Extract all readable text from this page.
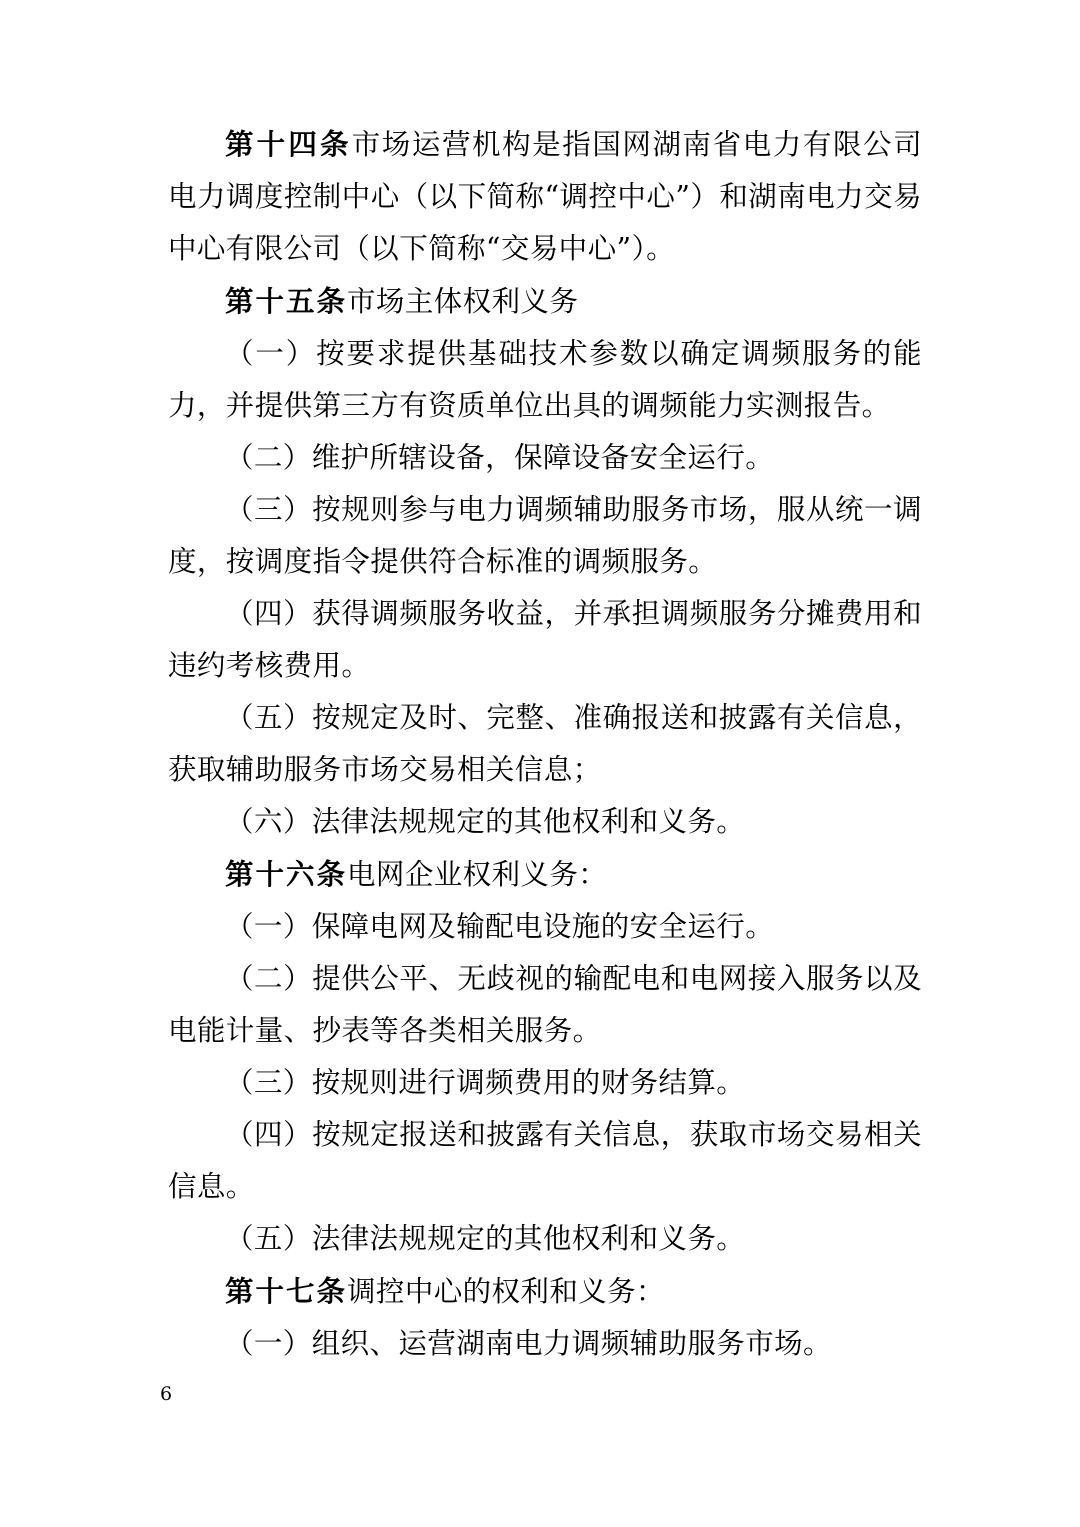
第十四条市场运营机构是指国网湖南省电力有限公司电力调度控制中心（以下简称“调控中心”）和湖南电力交易中心有限公司（以下简称“交易中心”）。

第十五条市场主体权利义务

（一）按要求提供基础技术参数以确定调频服务的能力，并提供第三方有资质单位出具的调频能力实测报告。

（二）维护所辖设备，保障设备安全运行。

（三）按规则参与电力调频辅助服务市场，服从统一调度，按调度指令提供符合标准的调频服务。

（四）获得调频服务收益，并承担调频服务分摊费用和违约考核费用。

（五）按规定及时、完整、准确报送和披露有关信息，获取辅助服务市场交易相关信息；

（六）法律法规规定的其他权利和义务。

第十六条电网企业权利义务：

（一）保障电网及输配电设施的安全运行。

（二）提供公平、无歧视的输配电和电网接入服务以及电能计量、抄表等各类相关服务。

（三）按规则进行调频费用的财务结算。

（四）按规定报送和披露有关信息，获取市场交易相关信息。

（五）法律法规规定的其他权利和义务。

第十七条调控中心的权利和义务：

（一）组织、运营湖南电力调频辅助服务市场。

6
